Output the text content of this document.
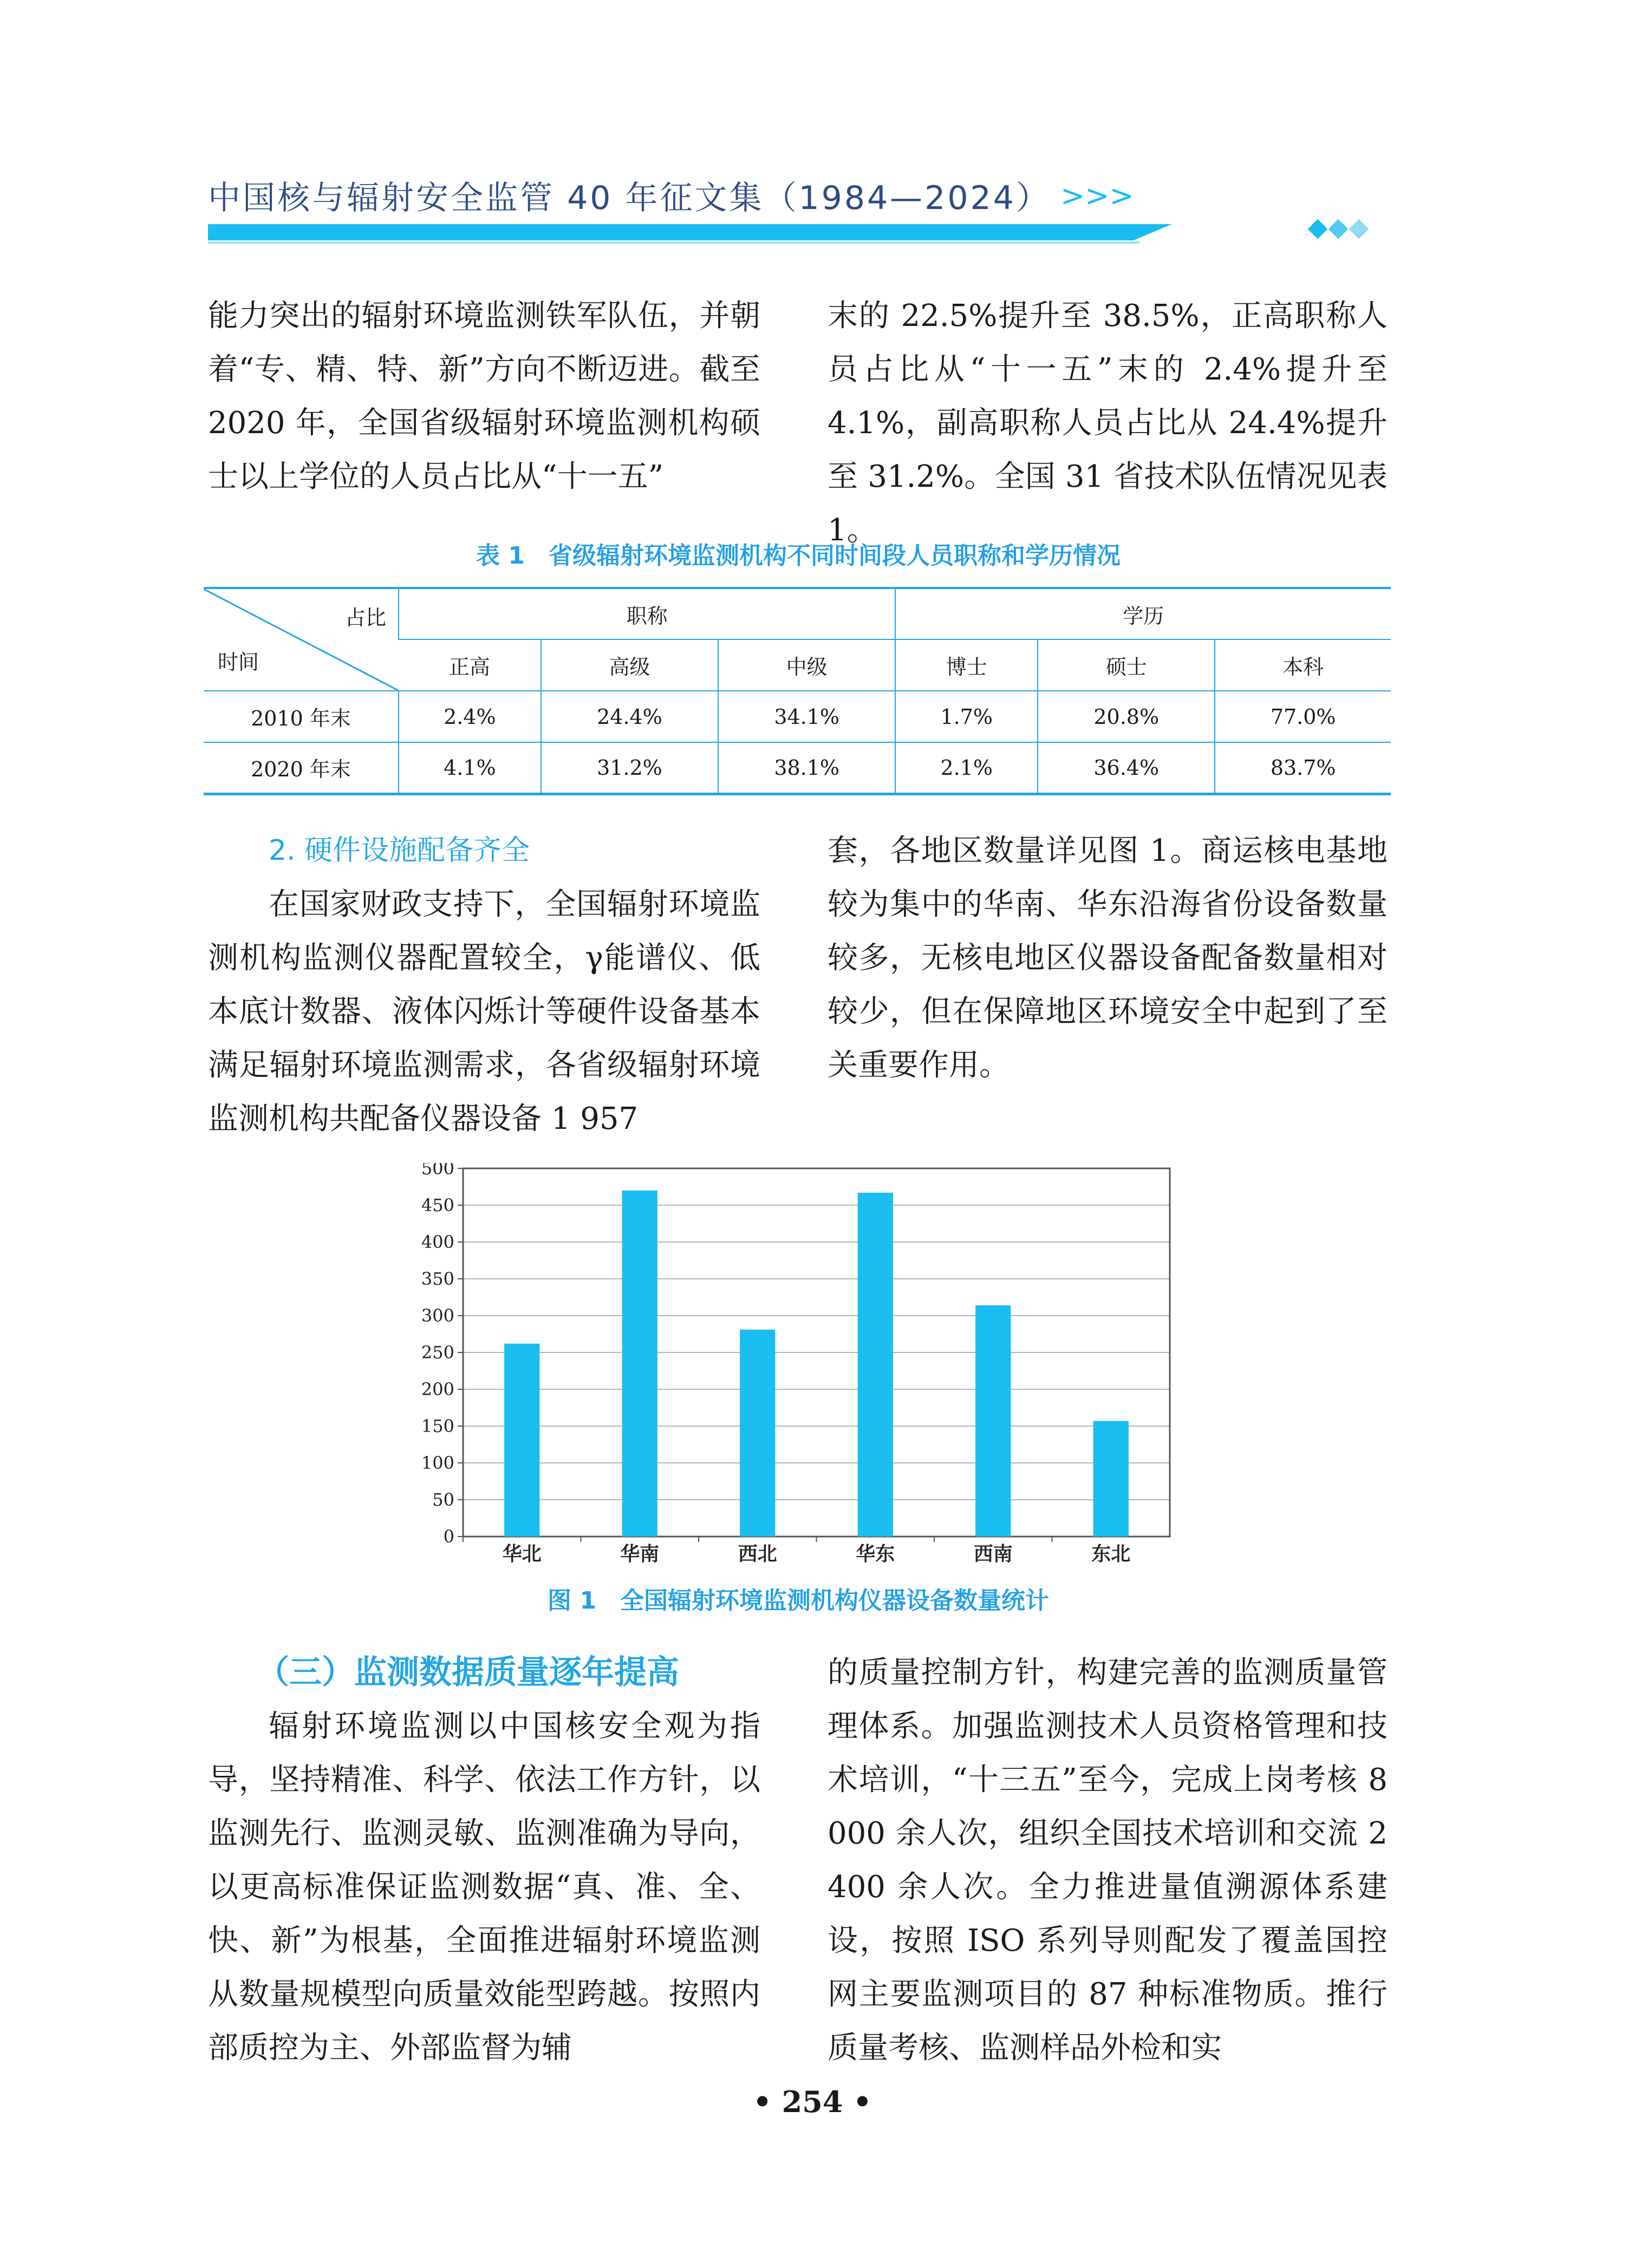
中国核与辐射安全监管 40 年征文集（1984—2024） >>>

能力突出的辐射环境监测铁军队伍，并朝着“专、精、特、新”方向不断迈进。截至 2020 年，全国省级辐射环境监测机构硕士以上学位的人员占比从“十一五”

末的 22.5%提升至 38.5%，正高职称人员占比从“十一五”末的 2.4%提升至 4.1%，副高职称人员占比从 24.4%提升至 31.2%。全国 31 省技术队伍情况见表 1。

表 1　省级辐射环境监测机构不同时间段人员职称和学历情况
占比
时间	职称			学历		
	正高	高级	中级	博士	硕士	本科
2010 年末	2.4%	24.4%	34.1%	1.7%	20.8%	77.0%
2020 年末	4.1%	31.2%	38.1%	2.1%	36.4%	83.7%

2. 硬件设施配备齐全

在国家财政支持下，全国辐射环境监测机构监测仪器配置较全，γ能谱仪、低本底计数器、液体闪烁计等硬件设备基本满足辐射环境监测需求，各省级辐射环境监测机构共配备仪器设备 1 957

套，各地区数量详见图 1。商运核电基地较为集中的华南、华东沿海省份设备数量较多，无核电地区仪器设备配备数量相对较少，但在保障地区环境安全中起到了至关重要作用。

0
50
100
150
200
250
300
350
400
450
500
华北	华南	西北	华东	西南	东北
图 1　全国辐射环境监测机构仪器设备数量统计

（三）监测数据质量逐年提高

辐射环境监测以中国核安全观为指导，坚持精准、科学、依法工作方针，以监测先行、监测灵敏、监测准确为导向，以更高标准保证监测数据“真、准、全、快、新”为根基，全面推进辐射环境监测从数量规模型向质量效能型跨越。按照内部质控为主、外部监督为辅

的质量控制方针，构建完善的监测质量管理体系。加强监测技术人员资格管理和技术培训，“十三五”至今，完成上岗考核 8 000 余人次，组织全国技术培训和交流 2 400 余人次。全力推进量值溯源体系建设，按照 ISO 系列导则配发了覆盖国控网主要监测项目的 87 种标准物质。推行质量考核、监测样品外检和实

• 254 •
